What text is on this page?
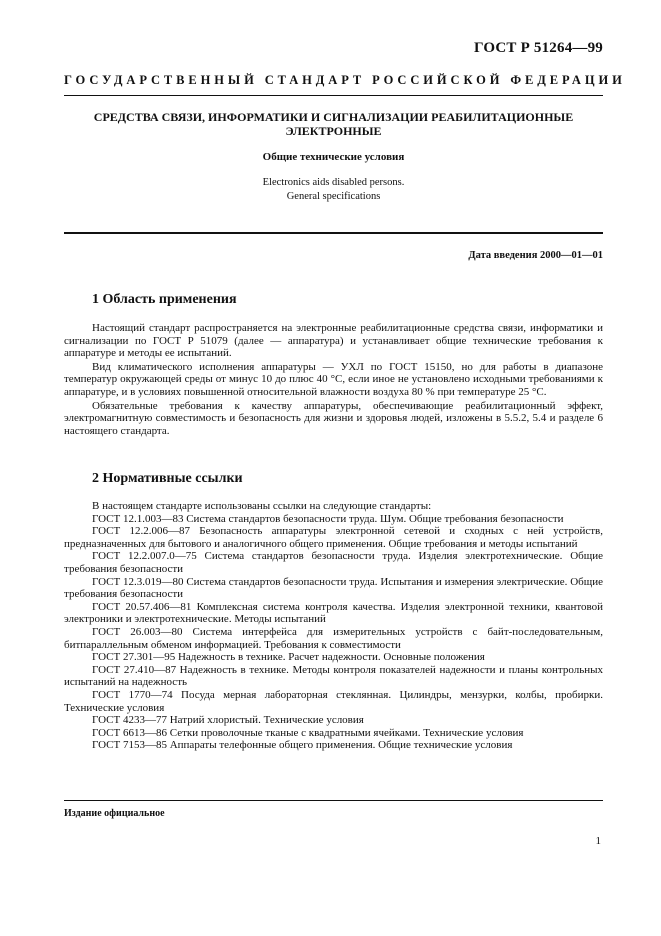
ГОСТ Р 51264—99
ГОСУДАРСТВЕННЫЙ СТАНДАРТ РОССИЙСКОЙ ФЕДЕРАЦИИ
СРЕДСТВА СВЯЗИ, ИНФОРМАТИКИ И СИГНАЛИЗАЦИИ РЕАБИЛИТАЦИОННЫЕ
ЭЛЕКТРОННЫЕ
Общие технические условия
Electronics aids disabled persons.
General specifications
Дата введения 2000—01—01
1 Область применения

Настоящий стандарт распространяется на электронные реабилитационные средства связи, информатики и сигнализации по ГОСТ Р 51079 (далее — аппаратура) и устанавливает общие технические требования к аппаратуре и методы ее испытаний.

Вид климатического исполнения аппаратуры — УХЛ по ГОСТ 15150, но для работы в диапазоне температур окружающей среды от минус 10 до плюс 40 °С, если иное не установлено исходными требованиями к аппаратуре, и в условиях повышенной относительной влажности воздуха 80 % при температуре 25 °С.

Обязательные требования к качеству аппаратуры, обеспечивающие реабилитационный эффект, электромагнитную совместимость и безопасность для жизни и здоровья людей, изложены в 5.5.2, 5.4 и разделе 6 настоящего стандарта.

2 Нормативные ссылки

В настоящем стандарте использованы ссылки на следующие стандарты:

ГОСТ 12.1.003—83 Система стандартов безопасности труда. Шум. Общие требования безопасности

ГОСТ 12.2.006—87 Безопасность аппаратуры электронной сетевой и сходных с ней устройств, предназначенных для бытового и аналогичного общего применения. Общие требования и методы испытаний

ГОСТ 12.2.007.0—75 Система стандартов безопасности труда. Изделия электротехнические. Общие требования безопасности

ГОСТ 12.3.019—80 Система стандартов безопасности труда. Испытания и измерения электрические. Общие требования безопасности

ГОСТ 20.57.406—81 Комплексная система контроля качества. Изделия электронной техники, квантовой электроники и электротехнические. Методы испытаний

ГОСТ 26.003—80 Система интерфейса для измерительных устройств с байт-последовательным, битпараллельным обменом информацией. Требования к совместимости

ГОСТ 27.301—95 Надежность в технике. Расчет надежности. Основные положения

ГОСТ 27.410—87 Надежность в технике. Методы контроля показателей надежности и планы контрольных испытаний на надежность

ГОСТ 1770—74 Посуда мерная лабораторная стеклянная. Цилиндры, мензурки, колбы, пробирки. Технические условия

ГОСТ 4233—77 Натрий хлористый. Технические условия

ГОСТ 6613—86 Сетки проволочные тканые с квадратными ячейками. Технические условия

ГОСТ 7153—85 Аппараты телефонные общего применения. Общие технические условия

Издание официальное
1
